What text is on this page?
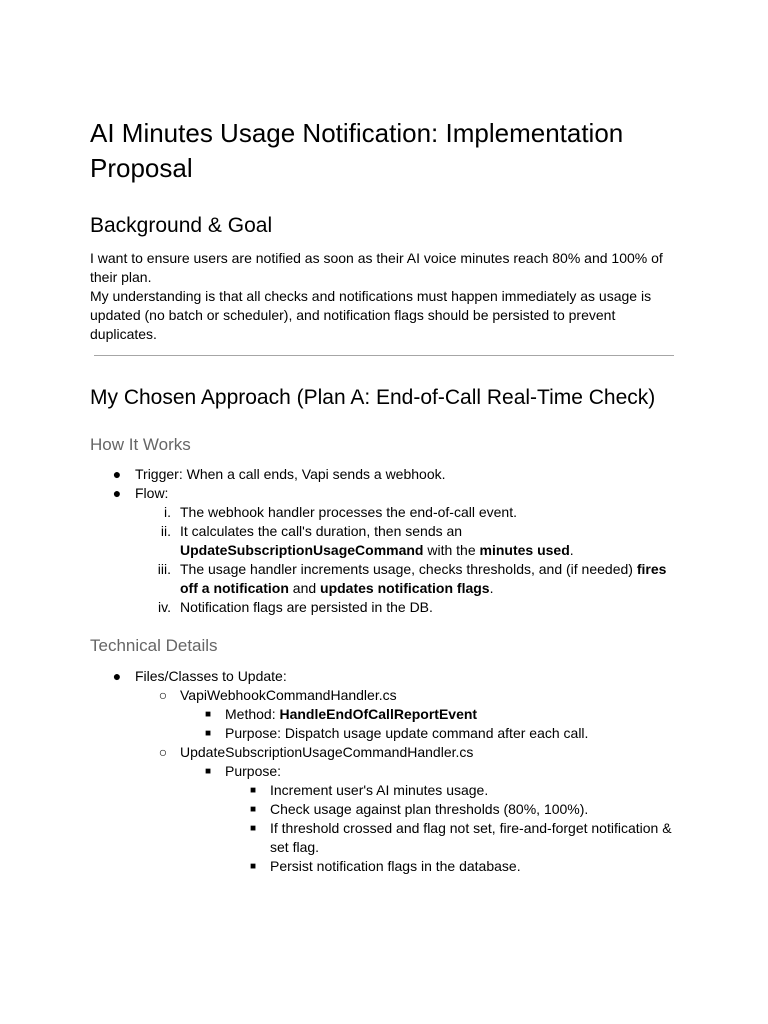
AI Minutes Usage Notification: Implementation Proposal
Background & Goal

I want to ensure users are notified as soon as their AI voice minutes reach 80% and 100% of their plan.

My understanding is that all checks and notifications must happen immediately as usage is updated (no batch or scheduler), and notification flags should be persisted to prevent duplicates.

My Chosen Approach (Plan A: End-of-Call Real-Time Check)
How It Works
● Trigger: When a call ends, Vapi sends a webhook.
● Flow:
i. The webhook handler processes the end-of-call event.
ii. It calculates the call's duration, then sends an UpdateSubscriptionUsageCommand with the minutes used.
iii. The usage handler increments usage, checks thresholds, and (if needed) fires off a notification and updates notification flags.
iv. Notification flags are persisted in the DB.
Technical Details
● Files/Classes to Update:
○ VapiWebhookCommandHandler.cs
■ Method: HandleEndOfCallReportEvent
■ Purpose: Dispatch usage update command after each call.
○ UpdateSubscriptionUsageCommandHandler.cs
■ Purpose:
■ Increment user's AI minutes usage.
■ Check usage against plan thresholds (80%, 100%).
■ If threshold crossed and flag not set, fire-and-forget notification & set flag.
■ Persist notification flags in the database.
